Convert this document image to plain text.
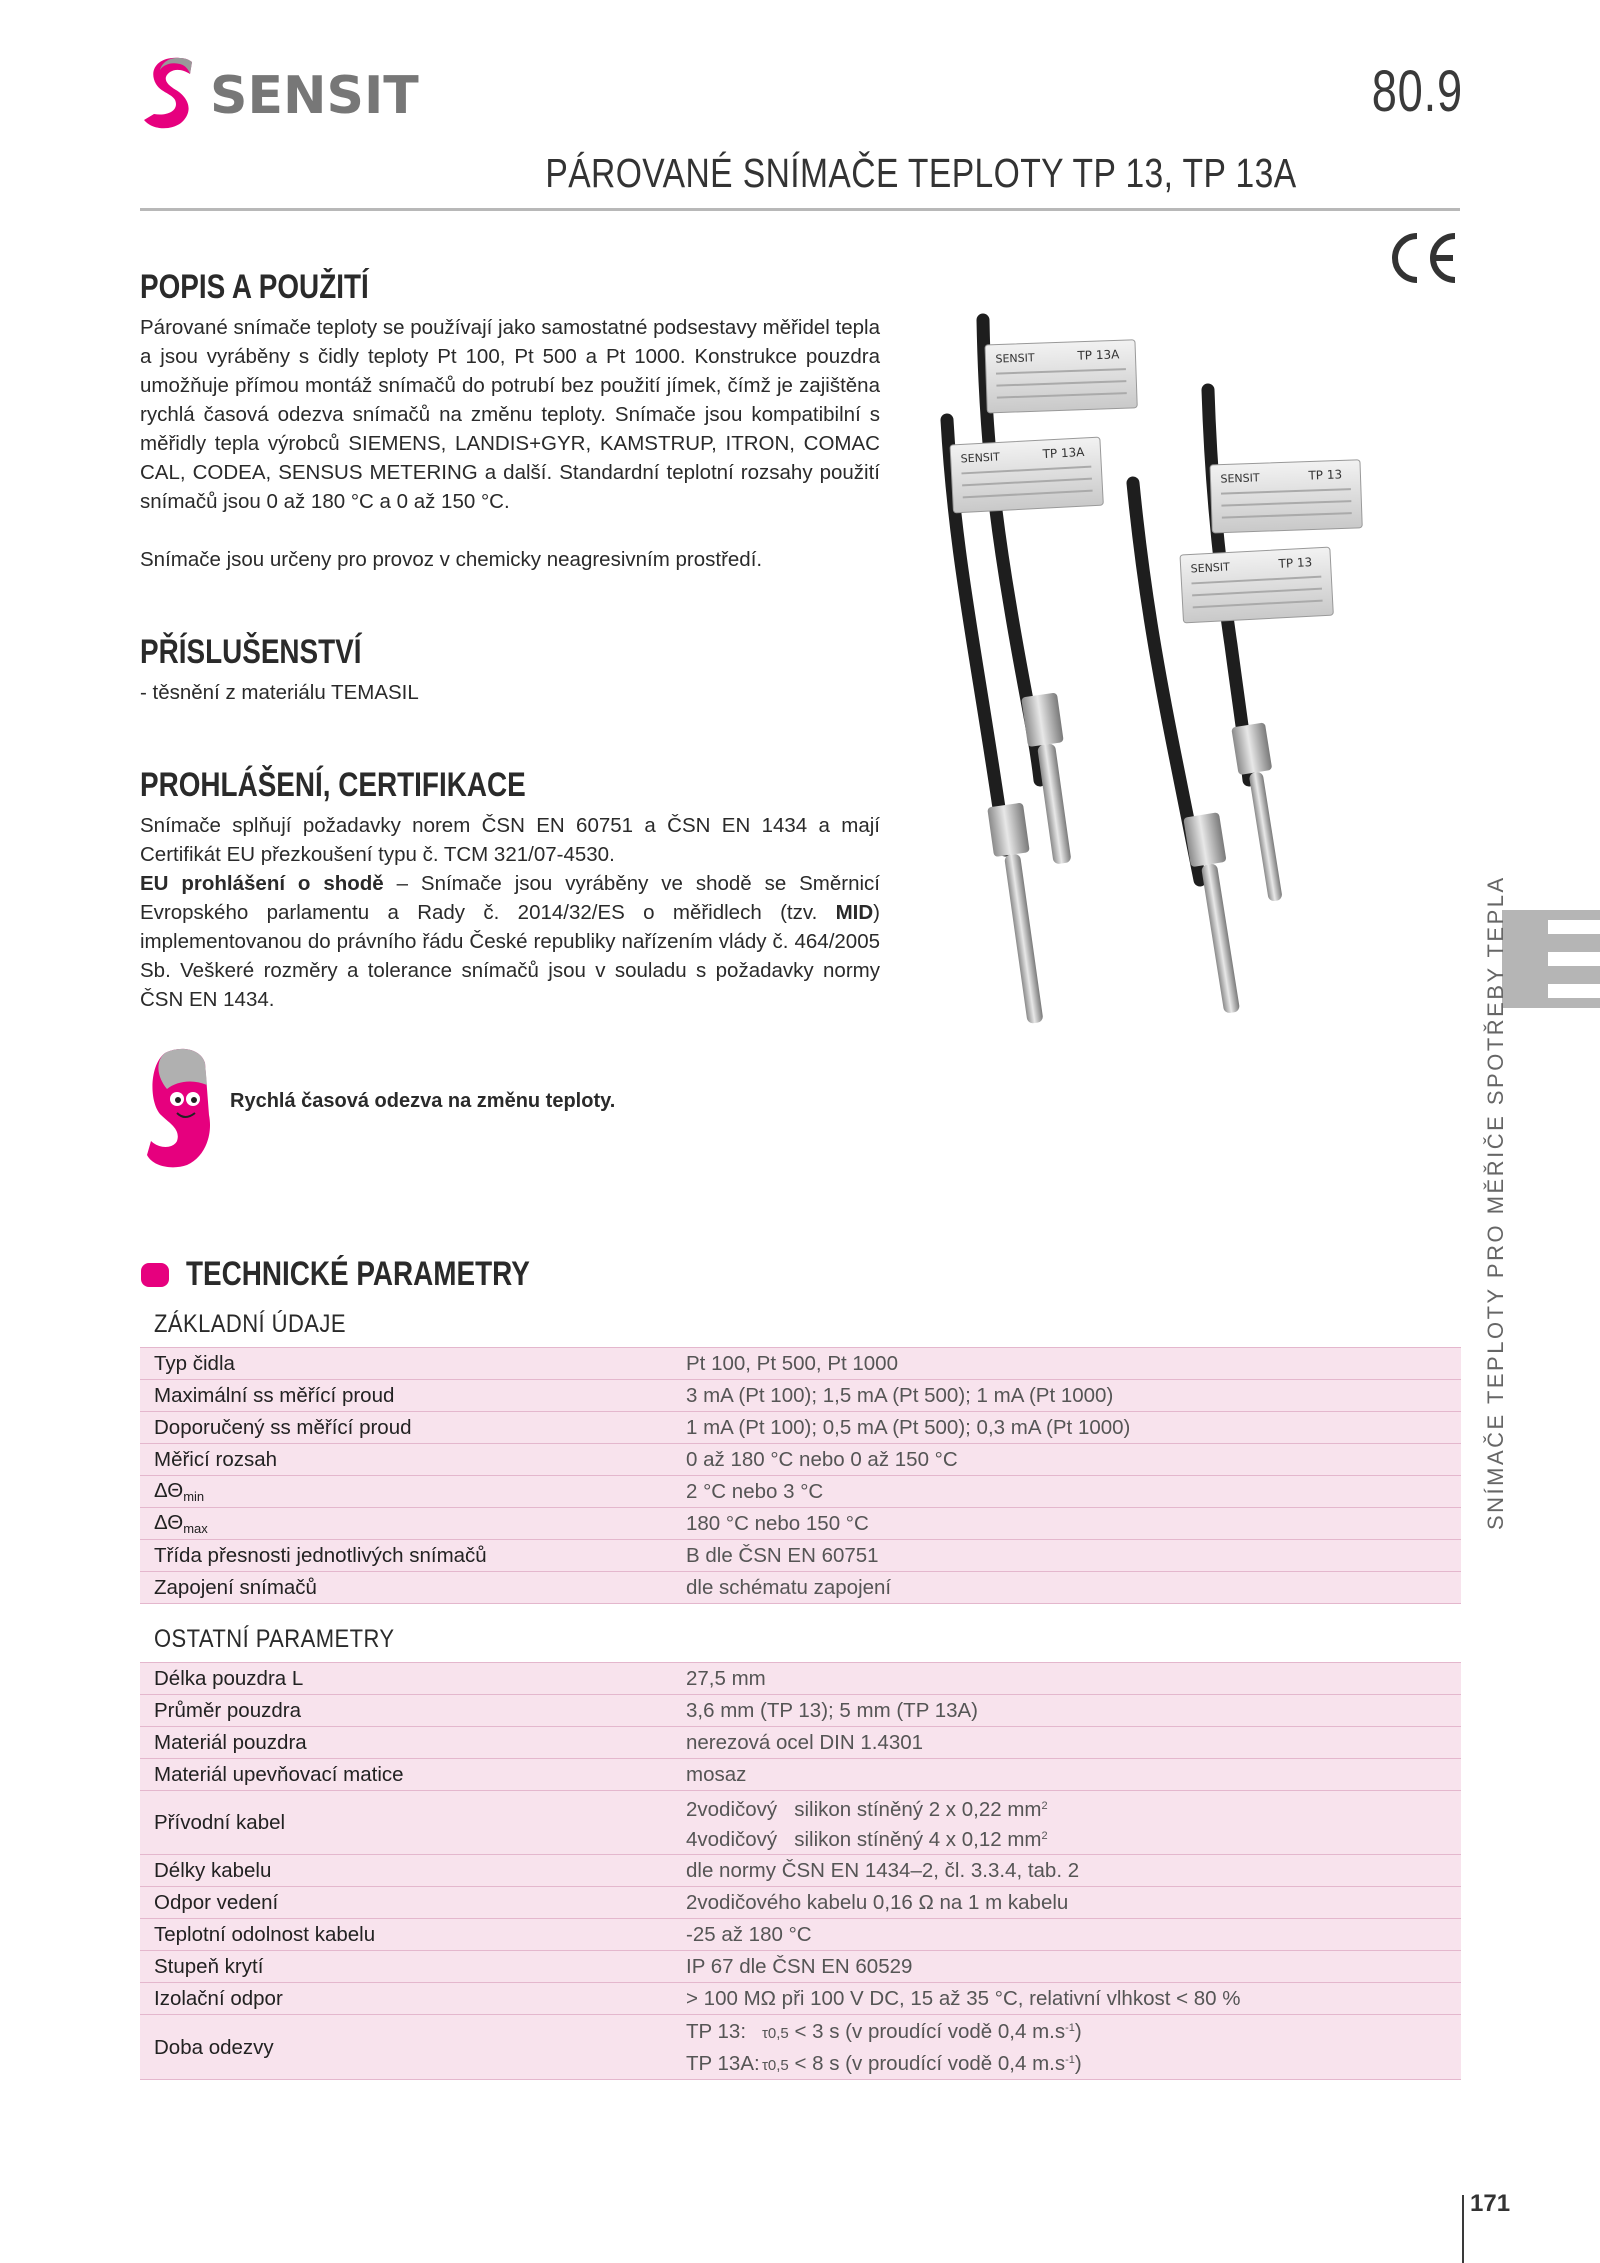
SENSIT	80.9
PÁROVANÉ SNÍMAČE TEPLOTY TP 13, TP 13A
POPIS A POUŽITÍ

Párované snímače teploty se používají jako samostatné podsestavy měřidel tepla a jsou vyráběny s čidly teploty Pt 100, Pt 500 a Pt 1000. Konstrukce pouzdra umožňuje přímou montáž snímačů do potrubí bez použití jímek, čímž je zajištěna rychlá časová odezva snímačů na změnu teploty. Snímače jsou kompatibilní s měřidly tepla výrobců SIEMENS, LANDIS+GYR, KAMSTRUP, ITRON, COMAC CAL, CODEA, SENSUS METERING a další. Standardní teplotní rozsahy použití snímačů jsou 0 až 180 °C a 0 až 150 °C.

Snímače jsou určeny pro provoz v chemicky neagresivním prostředí.

PŘÍSLUŠENSTVÍ
- těsnění z materiálu TEMASIL
PROHLÁŠENÍ, CERTIFIKACE

Snímače splňují požadavky norem ČSN EN 60751 a ČSN EN 1434 a mají Certifikát EU přezkoušení typu č. TCM 321/07-4530.

EU prohlášení o shodě – Snímače jsou vyráběny ve shodě se Směrnicí Evropského parlamentu a Rady č. 2014/32/ES o měřidlech (tzv. MID) implementovanou do právního řádu České republiky nařízením vlády č. 464/2005 Sb. Veškeré rozměry a tolerance snímačů jsou v souladu s požadavky normy ČSN EN 1434.

SENSIT	TP 13A
SENSIT	TP 13A
SENSIT	TP 13
SENSIT	TP 13
SNÍMAČE TEPLOTY PRO MĚŘIČE SPOTŘEBY TEPLA
Rychlá časová odezva na změnu teploty.
TECHNICKÉ PARAMETRY
ZÁKLADNÍ ÚDAJE
Typ čidla	Pt 100, Pt 500, Pt 1000
Maximální ss měřící proud	3 mA (Pt 100); 1,5 mA (Pt 500); 1 mA (Pt 1000)
Doporučený ss měřící proud	1 mA (Pt 100); 0,5 mA (Pt 500); 0,3 mA (Pt 1000)
Měřicí rozsah	0 až 180 °C nebo 0 až 150 °C
$\Delta\Theta_{min}$	2 °C nebo 3 °C
$\Delta\Theta_{max}$	180 °C nebo 150 °C
Třída přesnosti jednotlivých snímačů	B dle ČSN EN 60751
Zapojení snímačů	dle schématu zapojení
OSTATNÍ PARAMETRY
Délka pouzdra L	27,5 mm
Průměr pouzdra	3,6 mm (TP 13); 5 mm (TP 13A)
Materiál pouzdra	nerezová ocel DIN 1.4301
Materiál upevňovací matice	mosaz
Přívodní kabel	2vodičový   silikon stíněný 2 x 0,22 $mm^2$
4vodičový   silikon stíněný 4 x 0,12 $mm^2$
Délky kabelu	dle normy ČSN EN 1434–2, čl. 3.3.4, tab. 2
Odpor vedení	2vodičového kabelu 0,16 Ω na 1 m kabelu
Teplotní odolnost kabelu	-25 až 180 °C
Stupeň krytí	IP 67 dle ČSN EN 60529
Izolační odpor	> 100 MΩ při 100 V DC, 15 až 35 °C, relativní vlhkost < 80 %
Doba odezvy	TP 13: τ0,5 < 3 s (v proudící vodě 0,4 $m.s^{-1}$)
TP 13A: τ0,5 < 8 s (v proudící vodě 0,4 $m.s^{-1}$)
171
